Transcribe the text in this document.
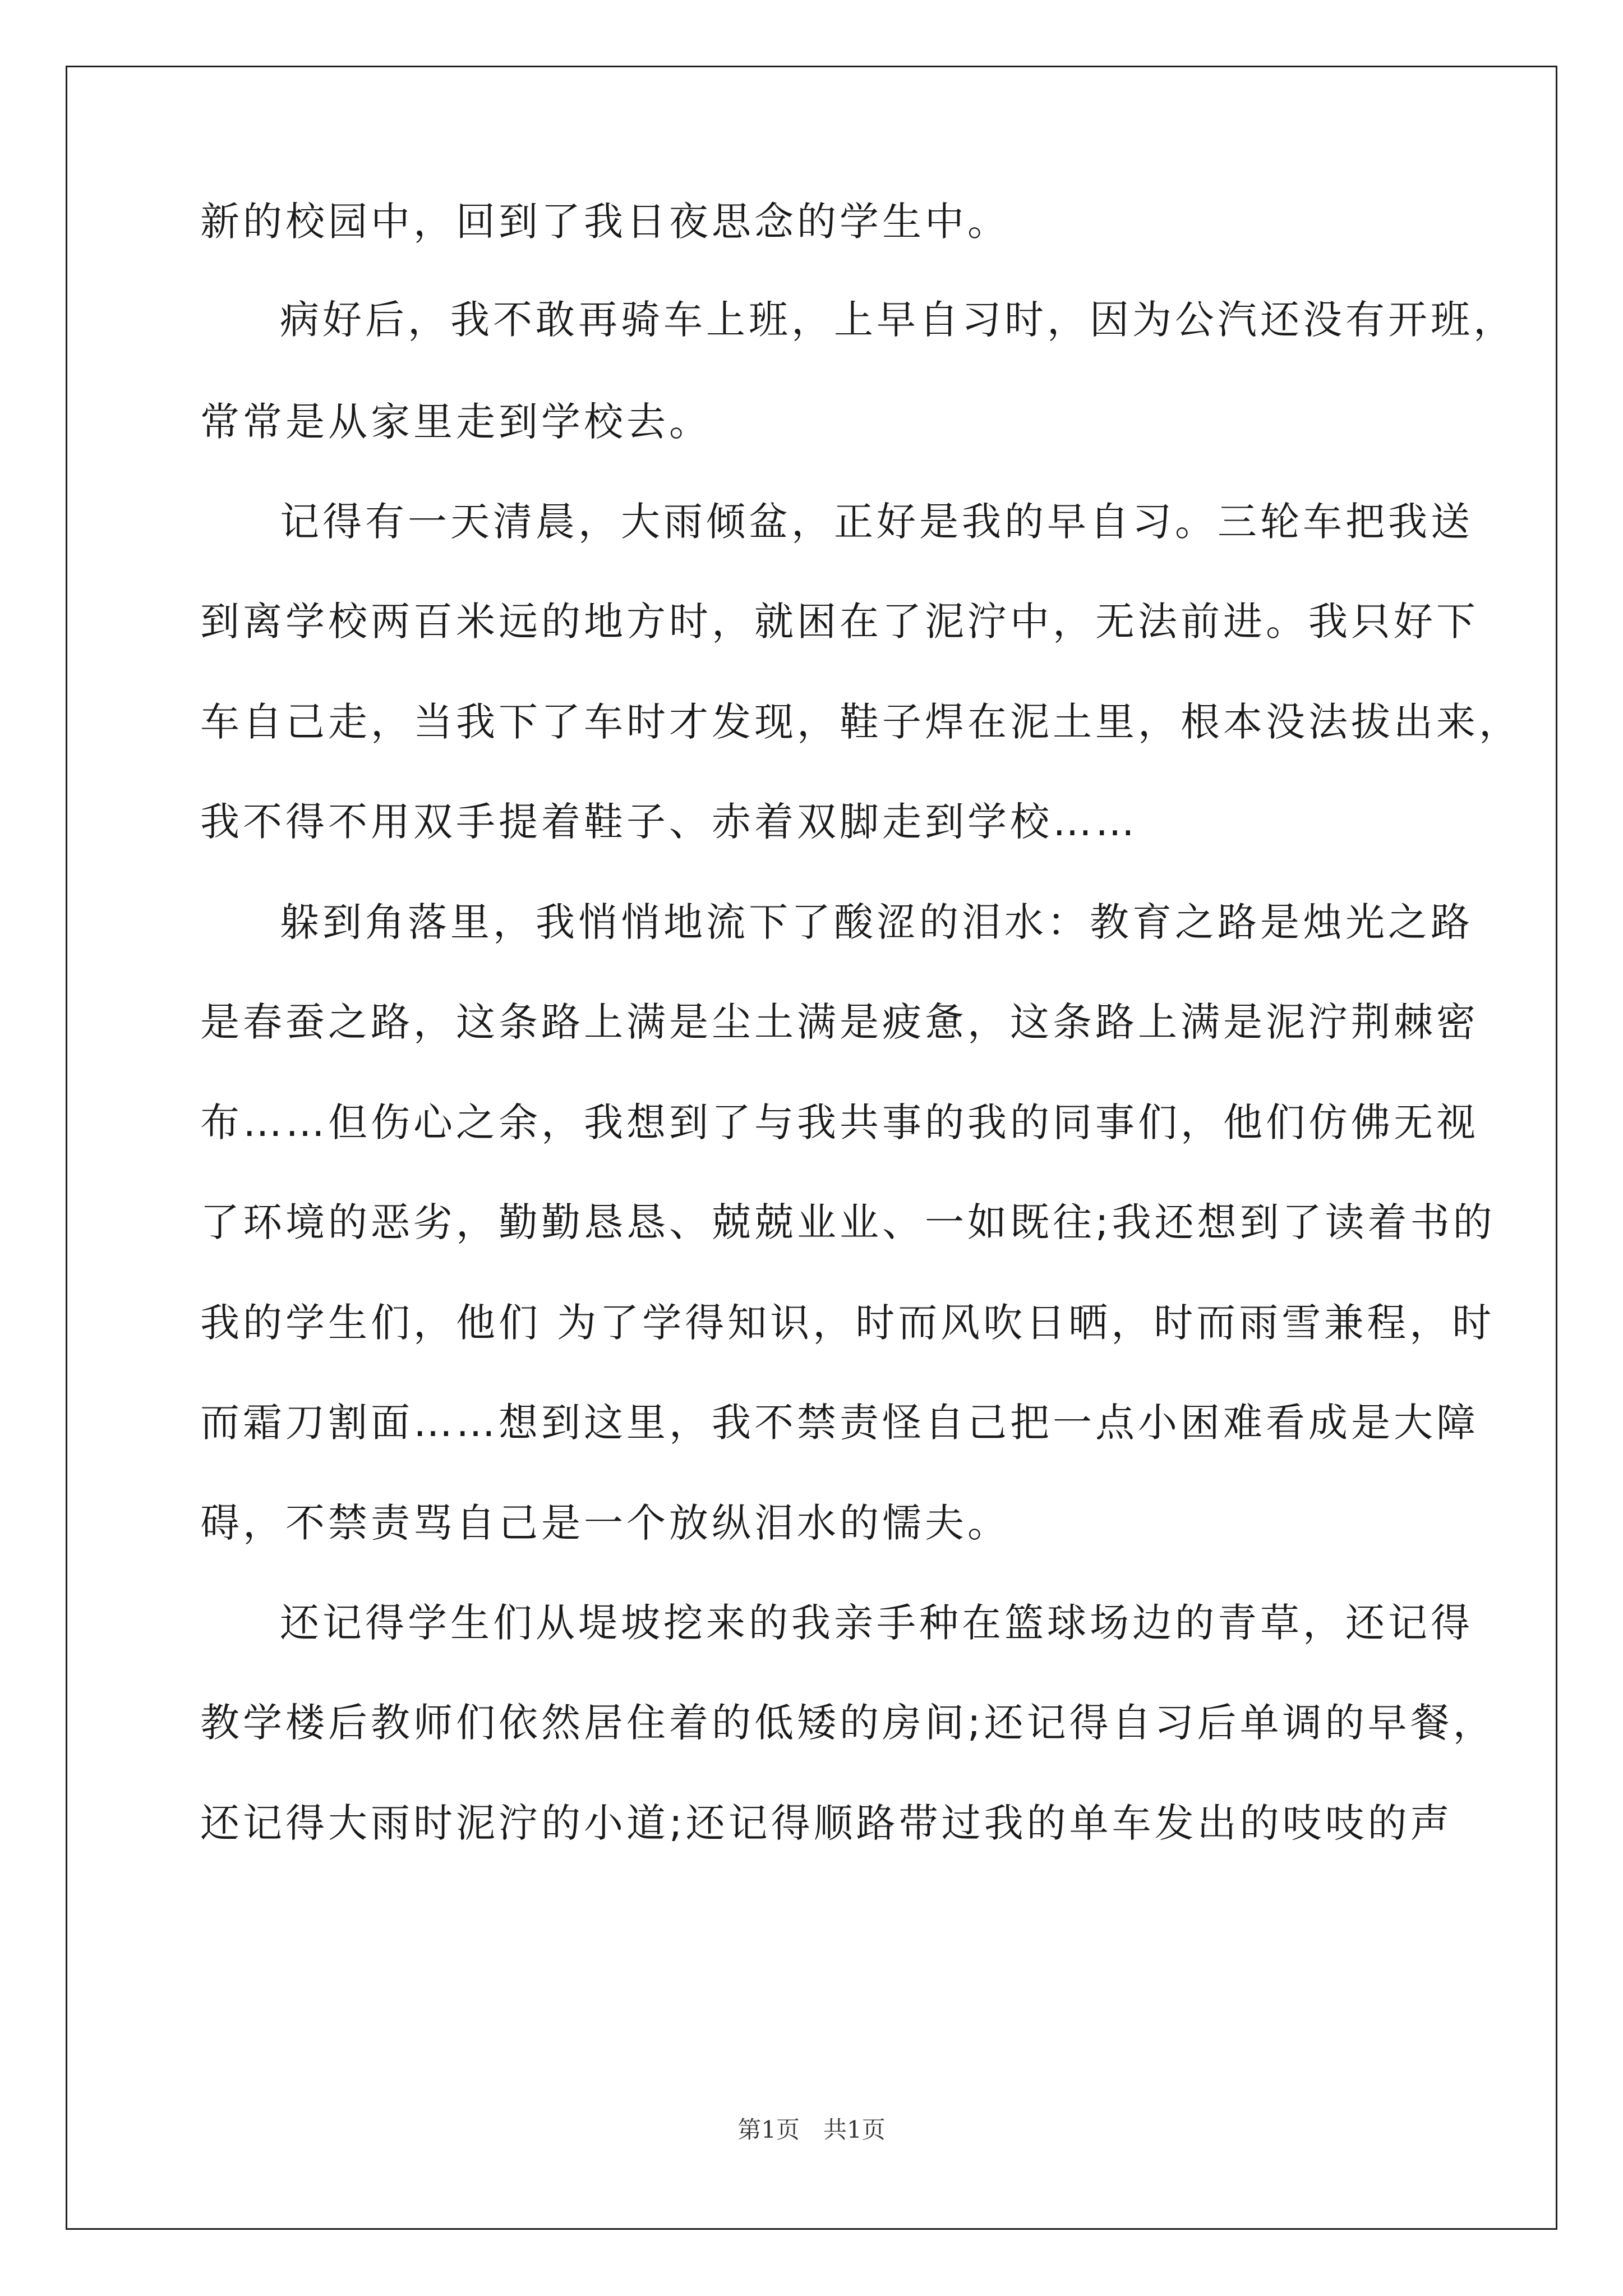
新的校园中，回到了我日夜思念的学生中。
病好后，我不敢再骑车上班，上早自习时，因为公汽还没有开班，
常常是从家里走到学校去。
记得有一天清晨，大雨倾盆，正好是我的早自习。三轮车把我送
到离学校两百米远的地方时，就困在了泥泞中，无法前进。我只好下
车自己走，当我下了车时才发现，鞋子焊在泥土里，根本没法拔出来，
我不得不用双手提着鞋子、赤着双脚走到学校……
躲到角落里，我悄悄地流下了酸涩的泪水：教育之路是烛光之路
是春蚕之路，这条路上满是尘土满是疲惫，这条路上满是泥泞荆棘密
布……但伤心之余，我想到了与我共事的我的同事们，他们仿佛无视
了环境的恶劣，勤勤恳恳、兢兢业业、一如既往;我还想到了读着书的
我的学生们，他们 为了学得知识，时而风吹日晒，时而雨雪兼程，时
而霜刀割面……想到这里，我不禁责怪自己把一点小困难看成是大障
碍，不禁责骂自己是一个放纵泪水的懦夫。
还记得学生们从堤坡挖来的我亲手种在篮球场边的青草，还记得
教学楼后教师们依然居住着的低矮的房间;还记得自习后单调的早餐，
还记得大雨时泥泞的小道;还记得顺路带过我的单车发出的吱吱的声
第1页　共1页
